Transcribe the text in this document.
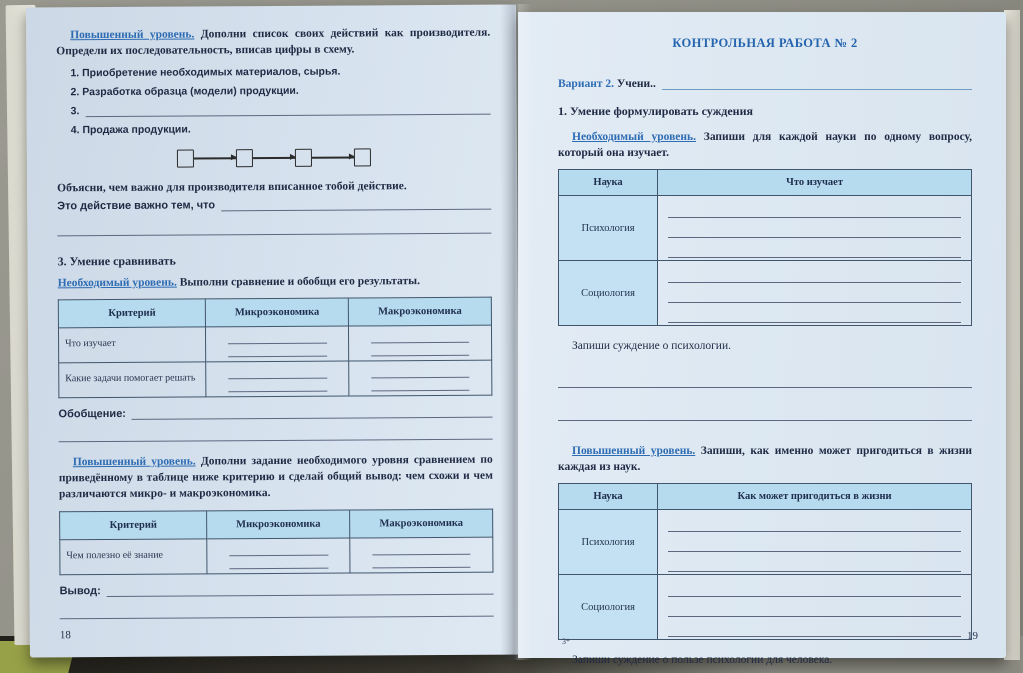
Повышенный уровень. Дополни список своих действий как производителя. Определи их последовательность, вписав цифры в схему.

1. Приобретение необходимых материалов, сырья.
2. Разработка образца (модели) продукции.
3.
4. Продажа продукции.

Объясни, чем важно для производителя вписанное тобой действие.

Это действие важно тем, что
3. Умение сравнивать

Необходимый уровень. Выполни сравнение и обобщи его результаты.

Критерий	Микроэкономика	Макроэкономика
Что изучает	

Какие задачи помогает решать	

Обобщение:

Повышенный уровень. Дополни задание необходимого уровня сравнением по приведённому в таблице ниже критерию и сделай общий вывод: чем схожи и чем различаются микро- и макроэкономика.

Критерий	Микроэкономика	Макроэкономика
Чем полезно её знание	

Вывод:
18
КОНТРОЛЬНАЯ РАБОТА № 2
Вариант 2.
Учени..
1. Умение формулировать суждения

Необходимый уровень. Запиши для каждой науки по одному вопросу, который она изучает.

Наука	Что изучает
Психология	

Социология	

Запиши суждение о психологии.

Повышенный уровень. Запиши, как именно может пригодиться в жизни каждая из наук.

Наука	Как может пригодиться в жизни
Психология	

Социология	

Запиши суждение о пользе психологии для человека.

3*	19
